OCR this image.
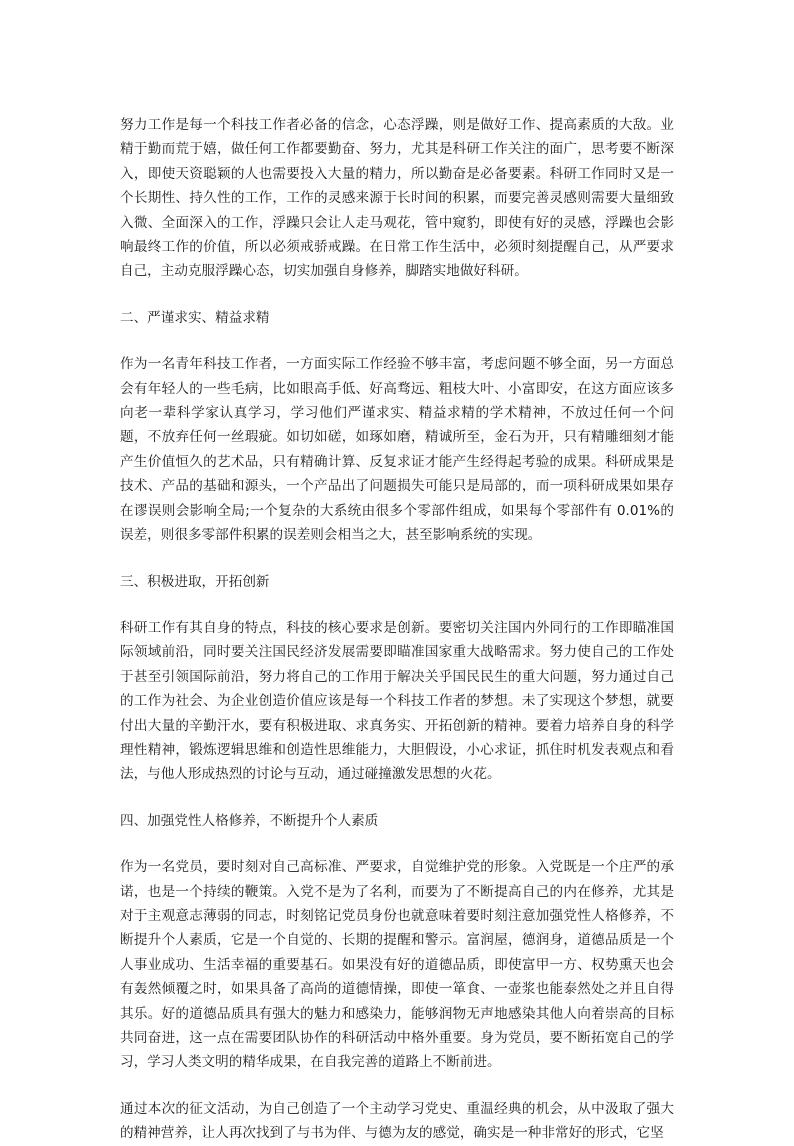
努力工作是每一个科技工作者必备的信念，心态浮躁，则是做好工作、提高素质的大敌。业精于勤而荒于嬉，做任何工作都要勤奋、努力，尤其是科研工作关注的面广，思考要不断深入，即使天资聪颖的人也需要投入大量的精力，所以勤奋是必备要素。科研工作同时又是一个长期性、持久性的工作，工作的灵感来源于长时间的积累，而要完善灵感则需要大量细致入微、全面深入的工作，浮躁只会让人走马观花，管中窥豹，即使有好的灵感，浮躁也会影响最终工作的价值，所以必须戒骄戒躁。在日常工作生活中，必须时刻提醒自己，从严要求自己，主动克服浮躁心态，切实加强自身修养，脚踏实地做好科研。

二、严谨求实、精益求精

作为一名青年科技工作者，一方面实际工作经验不够丰富，考虑问题不够全面，另一方面总会有年轻人的一些毛病，比如眼高手低、好高骛远、粗枝大叶、小富即安，在这方面应该多向老一辈科学家认真学习，学习他们严谨求实、精益求精的学术精神，不放过任何一个问题，不放弃任何一丝瑕疵。如切如磋，如琢如磨，精诚所至，金石为开，只有精雕细刻才能产生价值恒久的艺术品，只有精确计算、反复求证才能产生经得起考验的成果。科研成果是技术、产品的基础和源头，一个产品出了问题损失可能只是局部的，而一项科研成果如果存在谬误则会影响全局;一个复杂的大系统由很多个零部件组成，如果每个零部件有 0.01%的误差，则很多零部件积累的误差则会相当之大，甚至影响系统的实现。

三、积极进取，开拓创新

科研工作有其自身的特点，科技的核心要求是创新。要密切关注国内外同行的工作即瞄准国际领域前沿，同时要关注国民经济发展需要即瞄准国家重大战略需求。努力使自己的工作处于甚至引领国际前沿，努力将自己的工作用于解决关乎国民民生的重大问题，努力通过自己的工作为社会、为企业创造价值应该是每一个科技工作者的梦想。未了实现这个梦想，就要付出大量的辛勤汗水，要有积极进取、求真务实、开拓创新的精神。要着力培养自身的科学理性精神，锻炼逻辑思维和创造性思维能力，大胆假设，小心求证，抓住时机发表观点和看法，与他人形成热烈的讨论与互动，通过碰撞激发思想的火花。

四、加强党性人格修养，不断提升个人素质

作为一名党员，要时刻对自己高标准、严要求，自觉维护党的形象。入党既是一个庄严的承诺，也是一个持续的鞭策。入党不是为了名利，而要为了不断提高自己的内在修养，尤其是对于主观意志薄弱的同志，时刻铭记党员身份也就意味着要时刻注意加强党性人格修养，不断提升个人素质，它是一个自觉的、长期的提醒和警示。富润屋，德润身，道德品质是一个人事业成功、生活幸福的重要基石。如果没有好的道德品质，即使富甲一方、权势熏天也会有轰然倾覆之时，如果具备了高尚的道德情操，即使一箪食、一壶浆也能泰然处之并且自得其乐。好的道德品质具有强大的魅力和感染力，能够润物无声地感染其他人向着崇高的目标共同奋进，这一点在需要团队协作的科研活动中格外重要。身为党员，要不断拓宽自己的学习，学习人类文明的精华成果，在自我完善的道路上不断前进。

通过本次的征文活动，为自己创造了一个主动学习党史、重温经典的机会，从中汲取了强大的精神营养，让人再次找到了与书为伴、与德为友的感觉，确实是一种非常好的形式，它坚
